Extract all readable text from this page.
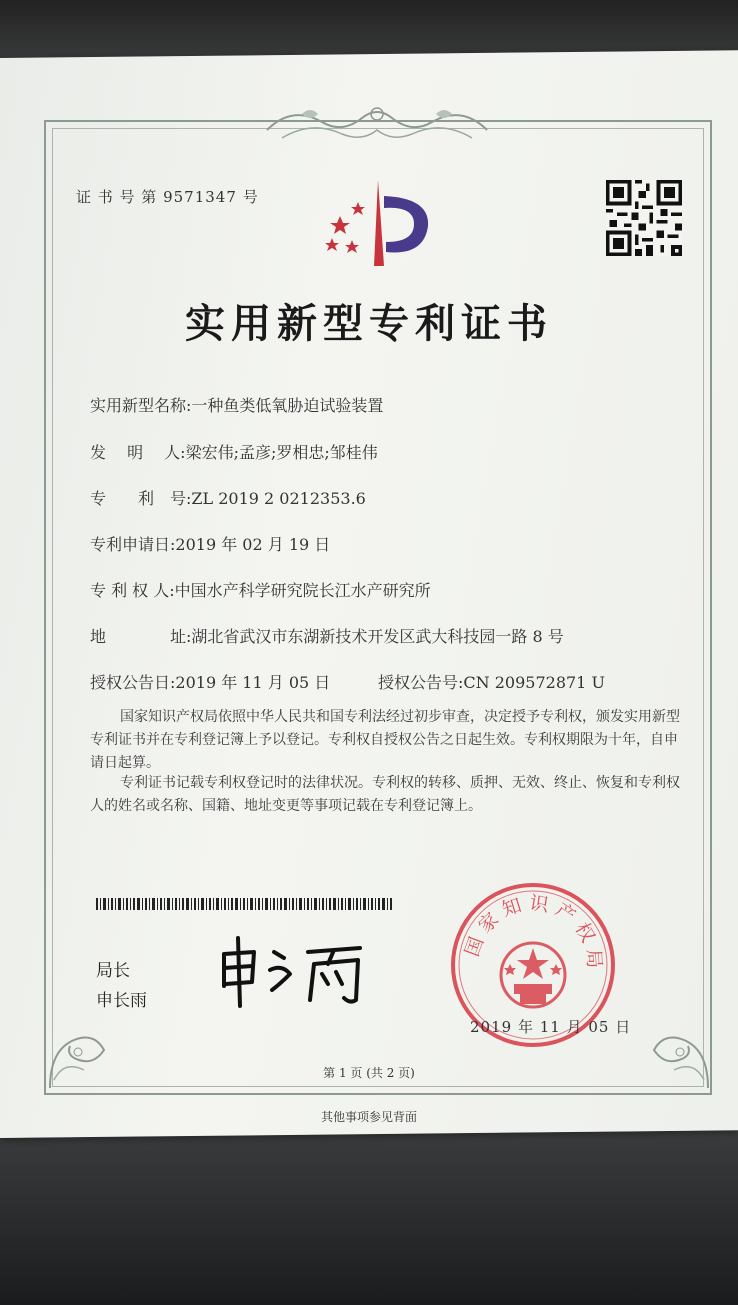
证 书 号 第 9571347 号
实用新型专利证书
实用新型名称:一种鱼类低氧胁迫试验装置
发　 明 　人:梁宏伟;孟彦;罗相忠;邹桂伟
专　　利　号:ZL 2019 2 0212353.6
专利申请日:2019 年 02 月 19 日
专 利 权 人:中国水产科学研究院长江水产研究所
地　　　　址:湖北省武汉市东湖新技术开发区武大科技园一路 8 号
授权公告日:2019 年 11 月 05 日	授权公告号:CN 209572871 U
国家知识产权局依照中华人民共和国专利法经过初步审查，决定授予专利权，颁发实用新型专利证书并在专利登记簿上予以登记。专利权自授权公告之日起生效。专利权期限为十年，自申请日起算。
专利证书记载专利权登记时的法律状况。专利权的转移、质押、无效、终止、恢复和专利权人的姓名或名称、国籍、地址变更等事项记载在专利登记簿上。
局长
申长雨
国家知识产权局
2019 年 11 月 05 日
第 1 页 (共 2 页)
其他事项参见背面
